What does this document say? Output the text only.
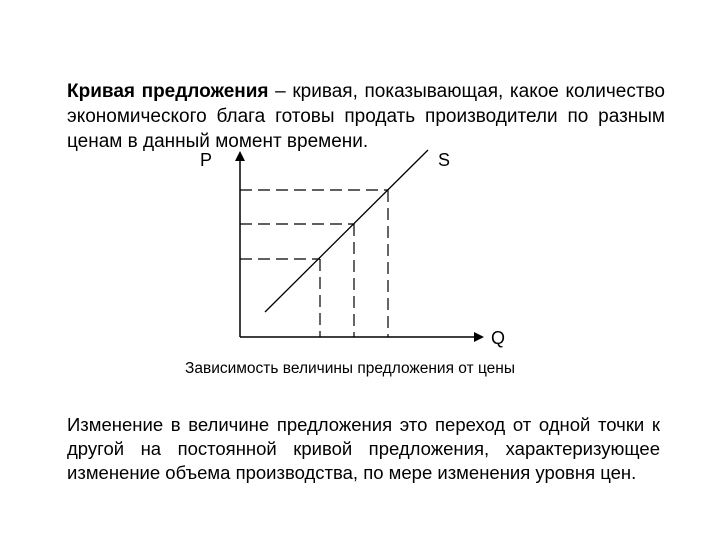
Кривая предложения – кривая, показывающая, какое количество экономического блага готовы продать производители по разным ценам в данный момент времени.

P	S
Q
Зависимость величины предложения от цены

Изменение в величине предложения это переход от одной точки к другой на постоянной кривой предложения, характеризующее изменение объема производства, по мере изменения уровня цен.
